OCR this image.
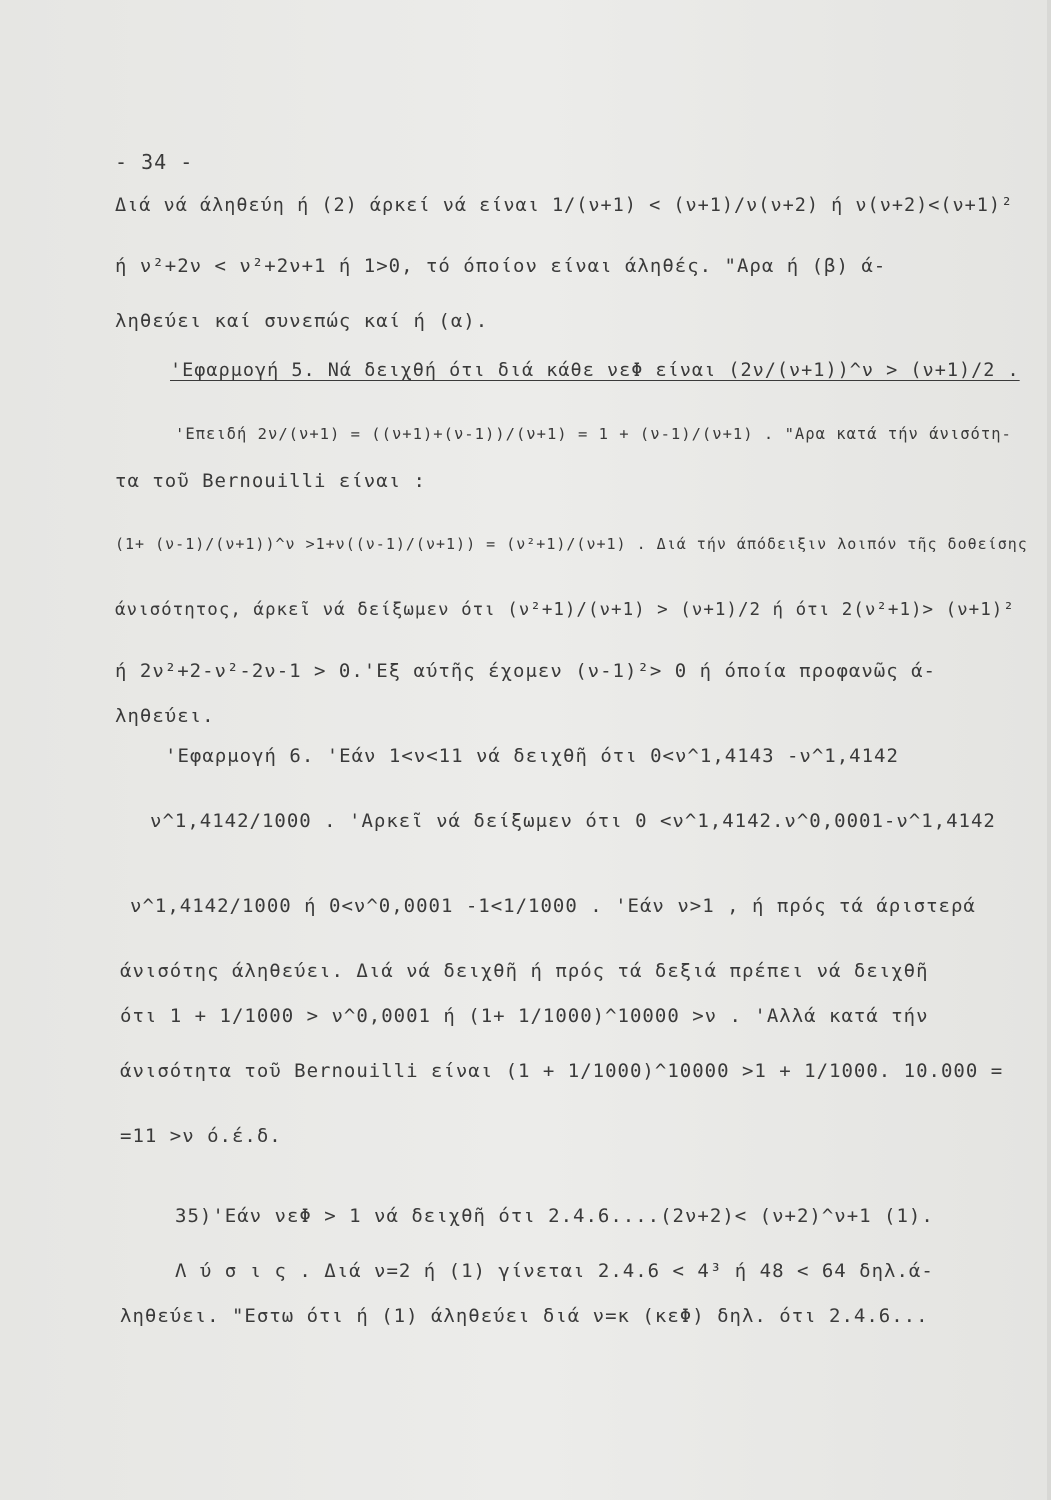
- 34 -
Διά νά άληθεύη ή (2) άρκεί νά είναι 1/(ν+1) < (ν+1)/ν(ν+2) ή ν(ν+2)<(ν+1)²
ή ν²+2ν < ν²+2ν+1 ή 1>0, τό όποίον είναι άληθές. "Αρα ή (β) ά-
ληθεύει καί συνεπώς καί ή (α).
'Εφαρμογή 5. Νά δειχθή ότι διά κάθε νεΦ είναι (2ν/(ν+1))^ν > (ν+1)/2 .
'Επειδή 2ν/(ν+1) = ((ν+1)+(ν-1))/(ν+1) = 1 + (ν-1)/(ν+1) . "Αρα κατά τήν άνισότη-
τα τοῦ Bernouilli είναι :
(1+ (ν-1)/(ν+1))^ν >1+ν((ν-1)/(ν+1)) = (ν²+1)/(ν+1) . Διά τήν άπόδειξιν λοιπόν τῆς δοθείσης
άνισότητος, άρκεῖ νά δείξωμεν ότι (ν²+1)/(ν+1) > (ν+1)/2 ή ότι 2(ν²+1)> (ν+1)²
ή 2ν²+2-ν²-2ν-1 > 0.'Εξ αύτῆς έχομεν (ν-1)²> 0 ή όποία προφανῶς ά-
ληθεύει.
'Εφαρμογή 6. 'Εάν 1<ν<11 νά δειχθῆ ότι 0<ν^1,4143 -ν^1,4142
ν^1,4142/1000 . 'Αρκεῖ νά δείξωμεν ότι 0 <ν^1,4142.ν^0,0001-ν^1,4142
ν^1,4142/1000 ή 0<ν^0,0001 -1<1/1000 . 'Εάν ν>1 , ή πρός τά άριστερά
άνισότης άληθεύει. Διά νά δειχθῆ ή πρός τά δεξιά πρέπει νά δειχθῆ
ότι 1 + 1/1000 > ν^0,0001 ή (1+ 1/1000)^10000 >ν . 'Αλλά κατά τήν
άνισότητα τοῦ Bernouilli είναι (1 + 1/1000)^10000 >1 + 1/1000. 10.000 =
=11 >ν ό.έ.δ.
35)'Εάν νεΦ > 1 νά δειχθῆ ότι 2.4.6....(2ν+2)< (ν+2)^ν+1 (1).
Λ ύ σ ι ς . Διά ν=2 ή (1) γίνεται 2.4.6 < 4³ ή 48 < 64 δηλ.ά-
ληθεύει. "Εστω ότι ή (1) άληθεύει διά ν=κ (κεΦ) δηλ. ότι 2.4.6...
